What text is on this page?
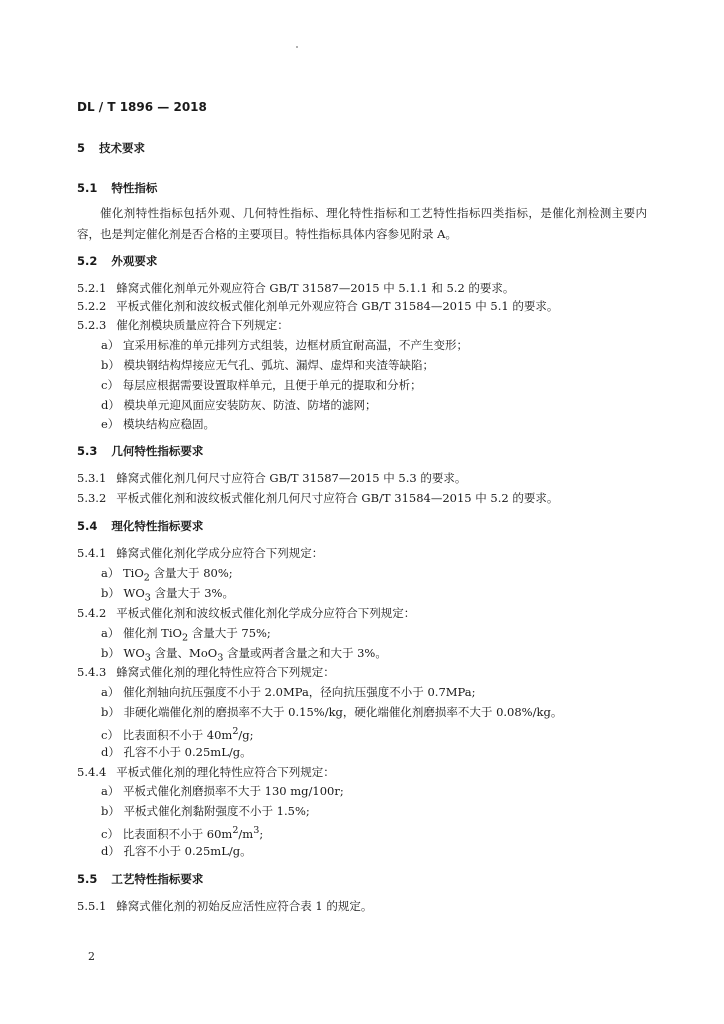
DL / T 1896 — 2018
5 技术要求
5.1 特性指标
催化剂特性指标包括外观、几何特性指标、理化特性指标和工艺特性指标四类指标，是催化剂检测主要内容，也是判定催化剂是否合格的主要项目。特性指标具体内容参见附录 A。
5.2 外观要求
5.2.1 蜂窝式催化剂单元外观应符合 GB/T 31587—2015 中 5.1.1 和 5.2 的要求。
5.2.2 平板式催化剂和波纹板式催化剂单元外观应符合 GB/T 31584—2015 中 5.1 的要求。
5.2.3 催化剂模块质量应符合下列规定：
a） 宜采用标准的单元排列方式组装，边框材质宜耐高温，不产生变形；
b） 模块钢结构焊接应无气孔、弧坑、漏焊、虚焊和夹渣等缺陷；
c） 每层应根据需要设置取样单元，且便于单元的提取和分析；
d） 模块单元迎风面应安装防灰、防渣、防堵的滤网；
e） 模块结构应稳固。
5.3 几何特性指标要求
5.3.1 蜂窝式催化剂几何尺寸应符合 GB/T 31587—2015 中 5.3 的要求。
5.3.2 平板式催化剂和波纹板式催化剂几何尺寸应符合 GB/T 31584—2015 中 5.2 的要求。
5.4 理化特性指标要求
5.4.1 蜂窝式催化剂化学成分应符合下列规定：
a） TiO$_2$ 含量大于 80%;
b） $WO_3$ 含量大于 3%。
5.4.2 平板式催化剂和波纹板式催化剂化学成分应符合下列规定：
a） 催化剂 TiO$_2$ 含量大于 75%;
b） $WO_3$ 含量、MoO$_3$ 含量或两者含量之和大于 3%。
5.4.3 蜂窝式催化剂的理化特性应符合下列规定：
a） 催化剂轴向抗压强度不小于 2.0MPa，径向抗压强度不小于 0.7MPa;
b） 非硬化端催化剂的磨损率不大于 0.15%/kg，硬化端催化剂磨损率不大于 0.08%/kg。
c） 比表面积不小于 $40m^2/g$;
d） 孔容不小于 0.25mL/g。
5.4.4 平板式催化剂的理化特性应符合下列规定：
a） 平板式催化剂磨损率不大于 130 mg/100r;
b） 平板式催化剂黏附强度不小于 1.5%;
c） 比表面积不小于 $60m^2/m^3$;
d） 孔容不小于 0.25mL/g。
5.5 工艺特性指标要求
5.5.1 蜂窝式催化剂的初始反应活性应符合表 1 的规定。
2
